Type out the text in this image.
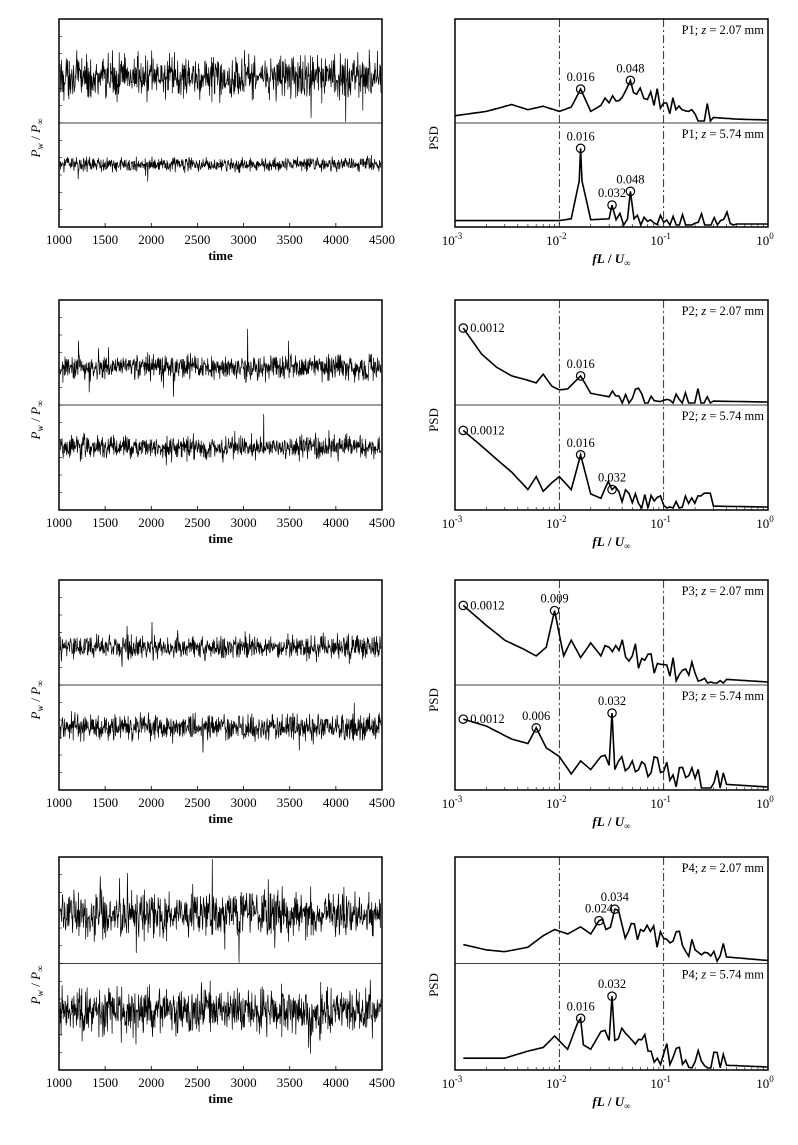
1000 1500 2000 2500 3000 3500 4000 4500
time
$P_w / P_\infty$
$10^{-3}$	$10^{-2}$	$10^{-1}$	$10^0$
fL / $U_\infty$
PSD
0.016
0.048
P1; z = 2.07 mm
0.016
0.032
0.048
P1; z = 5.74 mm
1000 1500 2000 2500 3000 3500 4000 4500
time
$P_w / P_\infty$
$10^{-3}$	$10^{-2}$	$10^{-1}$	$10^0$
fL / $U_\infty$
PSD
0.0012
0.016
P2; z = 2.07 mm
0.0012
0.016
0.032
P2; z = 5.74 mm
1000 1500 2000 2500 3000 3500 4000 4500
time
$P_w / P_\infty$
$10^{-3}$	$10^{-2}$	$10^{-1}$	$10^0$
fL / $U_\infty$
PSD
0.0012	0.009
P3; z = 2.07 mm
0.0012 0.006
0.032	P3; z = 5.74 mm
1000 1500 2000 2500 3000 3500 4000 4500
time
$P_w / P_\infty$
$10^{-3}$	$10^{-2}$	$10^{-1}$	$10^0$
fL / $U_\infty$
PSD
0.024
0.034
P4; z = 2.07 mm
0.016
0.032
P4; z = 5.74 mm
